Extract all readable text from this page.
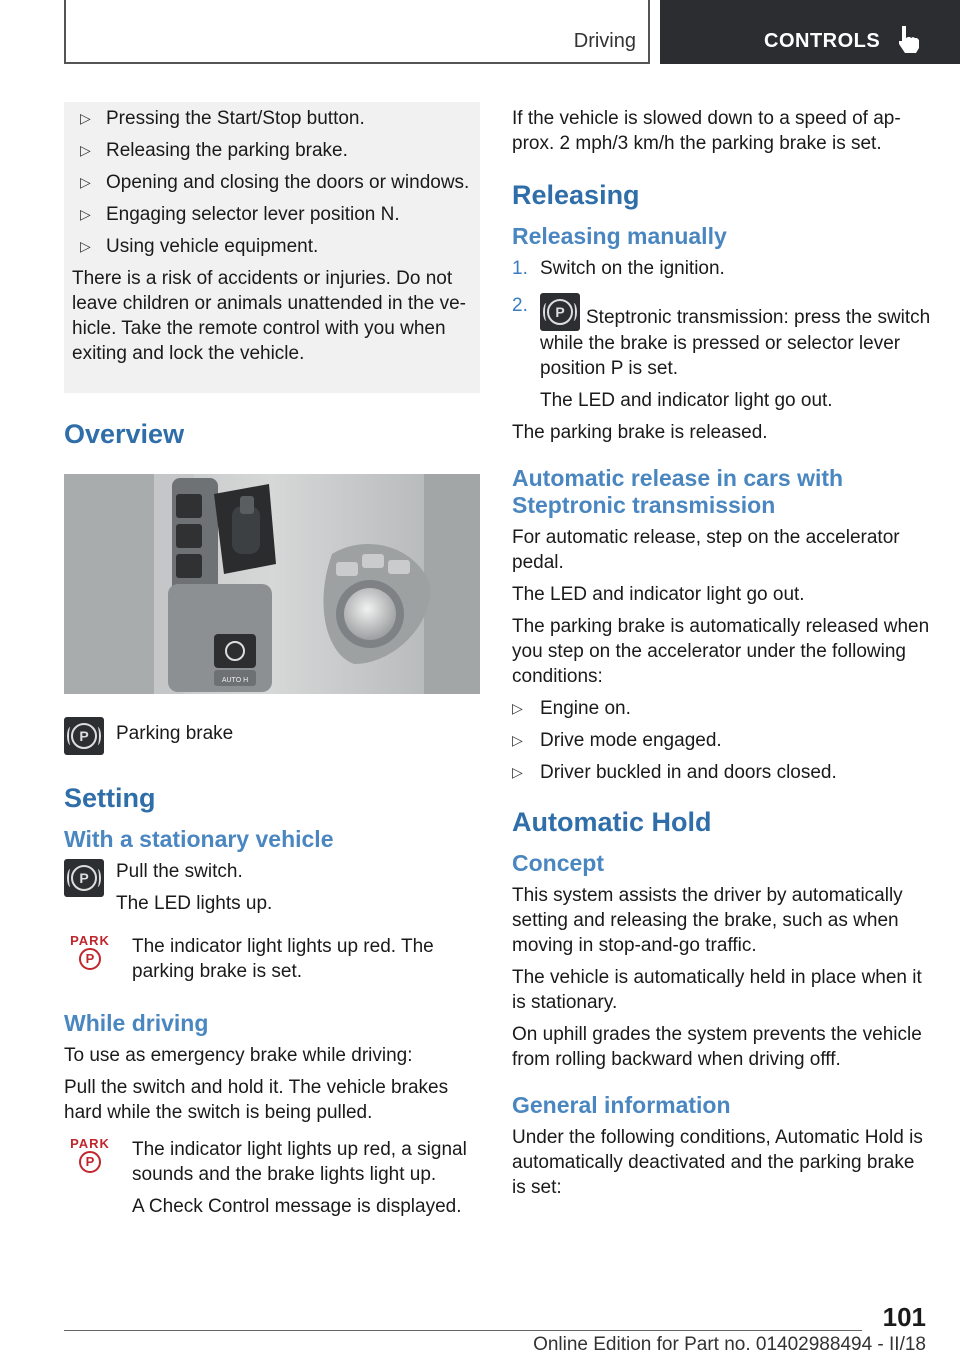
Driving	CONTROLS
▷ Pressing the Start/Stop button.
▷ Releasing the parking brake.
▷ Opening and closing the doors or windows.
▷ Engaging selector lever position N.
▷ Using vehicle equipment.

There is a risk of accidents or injuries. Do not leave children or animals unattended in the vehicle. Take the remote control with you when exiting and lock the vehicle.

Overview
AUTO H
P	Parking brake

Setting
With a stationary vehicle
P	Pull the switch.

The LED lights up.

PARK
P

The indicator light lights up red. The parking brake is set.

While driving

To use as emergency brake while driving:

Pull the switch and hold it. The vehicle brakes hard while the switch is being pulled.

PARK
P

The indicator light lights up red, a signal sounds and the brake lights light up.

A Check Control message is displayed.

If the vehicle is slowed down to a speed of approx. 2 mph/3 km/h the parking brake is set.

Releasing
Releasing manually
1. Switch on the ignition.
2.	P	Steptronic transmission: press the switch while the brake is pressed or selector lever position P is set.

The LED and indicator light go out.

The parking brake is released.

Automatic release in cars with Steptronic transmission

For automatic release, step on the accelerator pedal.

The LED and indicator light go out.

The parking brake is automatically released when you step on the accelerator under the following conditions:

▷ Engine on.
▷ Drive mode engaged.
▷ Driver buckled in and doors closed.
Automatic Hold
Concept

This system assists the driver by automatically setting and releasing the brake, such as when moving in stop-and-go traffic.

The vehicle is automatically held in place when it is stationary.

On uphill grades the system prevents the vehicle from rolling backward when driving offf.

General information

Under the following conditions, Automatic Hold is automatically deactivated and the parking brake is set:

101
Online Edition for Part no. 01402988494 - II/18
